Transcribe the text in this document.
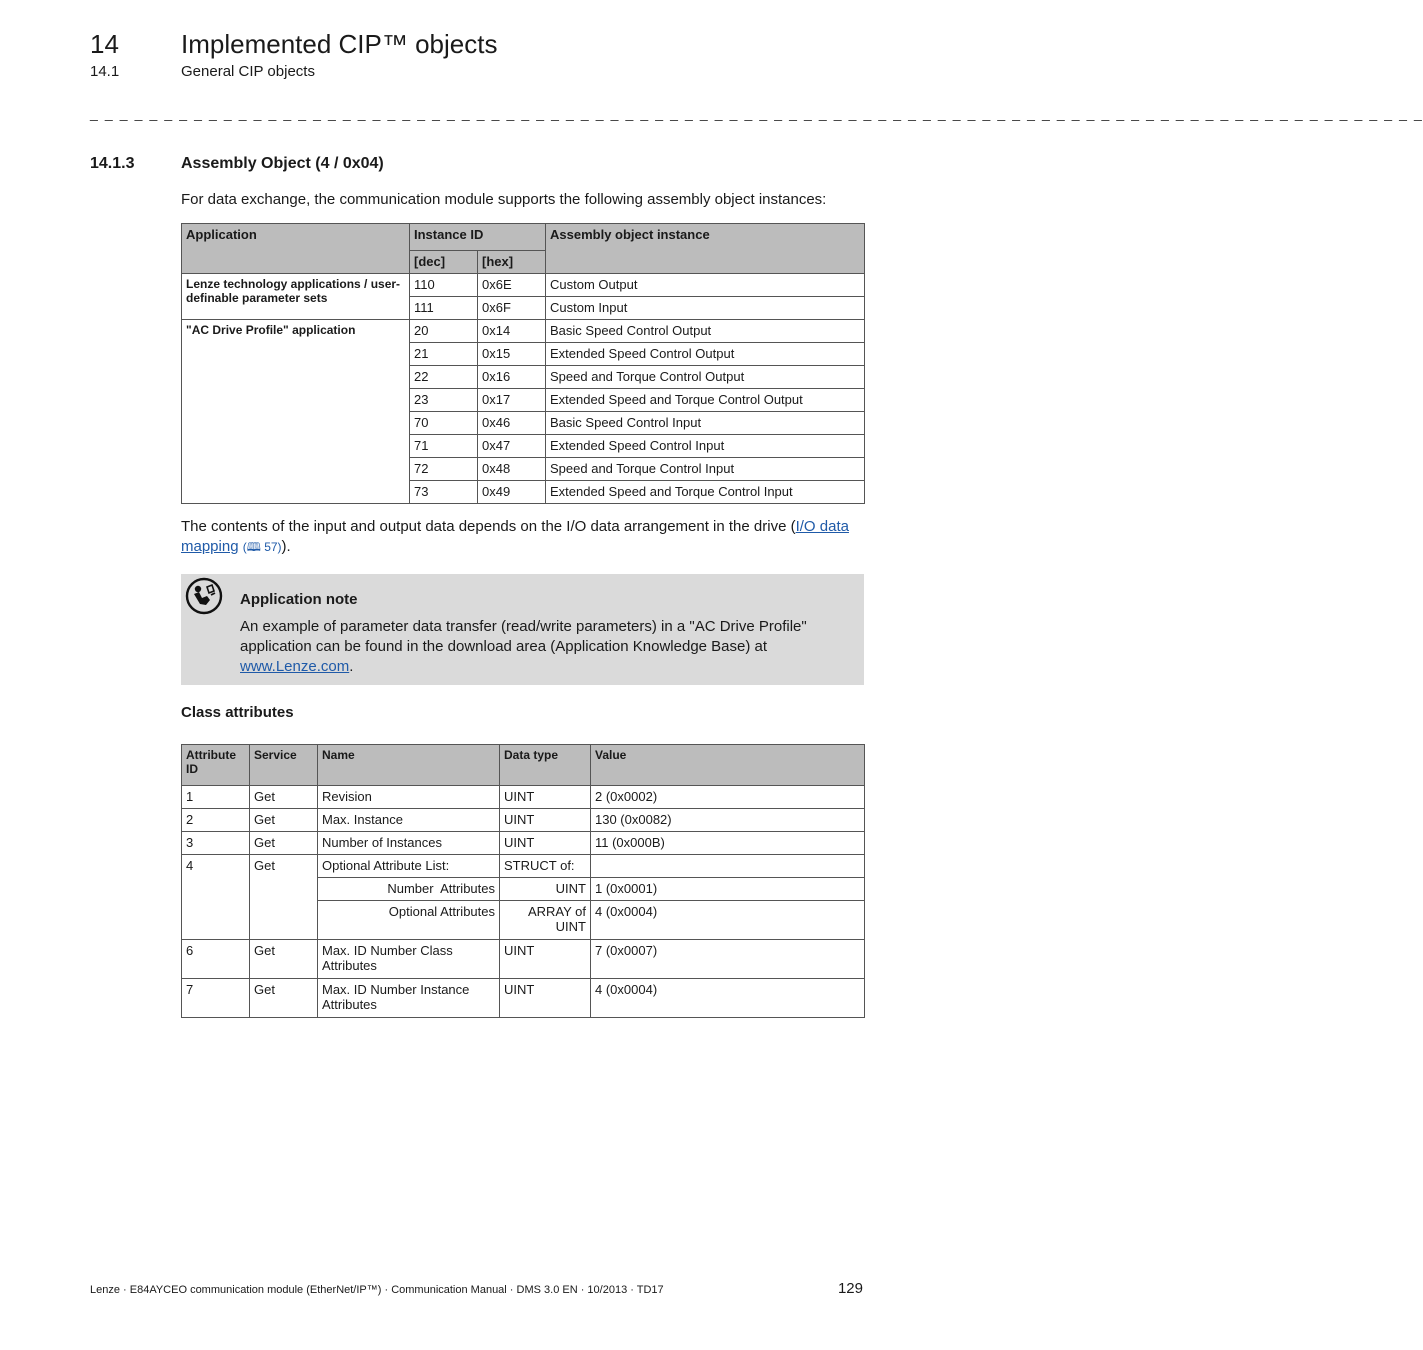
14 Implemented CIP™ objects
14.1	General CIP objects
_ _ _ _ _ _ _ _ _ _ _ _ _ _ _ _ _ _ _ _ _ _ _ _ _ _ _ _ _ _ _ _ _ _ _ _ _ _ _ _ _ _ _ _ _ _ _ _ _ _ _ _ _ _ _ _ _ _ _ _ _ _ _ _ _ _ _ _ _ _ _ _ _ _ _ _ _ _ _ _ _ _ _ _ _ _ _ _ _ _
14.1.3	Assembly Object (4 / 0x04)
For data exchange, the communication module supports the following assembly object instances:
Application	Instance ID		Assembly object instance
	[dec]	[hex]	
Lenze technology applications / user-definable parameter sets	110	0x6E	Custom Output
	111	0x6F	Custom Input
"AC Drive Profile" application	20	0x14	Basic Speed Control Output
	21	0x15	Extended Speed Control Output
	22	0x16	Speed and Torque Control Output
	23	0x17	Extended Speed and Torque Control Output
	70	0x46	Basic Speed Control Input
	71	0x47	Extended Speed Control Input
	72	0x48	Speed and Torque Control Input
	73	0x49	Extended Speed and Torque Control Input
The contents of the input and output data depends on the I/O data arrangement in the drive (I/O data mapping (🕮 57)).
Application note
An example of parameter data transfer (read/write parameters) in a "AC Drive Profile" application can be found in the download area (Application Knowledge Base) at www.Lenze.com.
Class attributes
Attribute ID	Service	Name	Data type	Value
1	Get	Revision	UINT	2 (0x0002)
2	Get	Max. Instance	UINT	130 (0x0082)
3	Get	Number of Instances	UINT	11 (0x000B)
4	Get	Optional Attribute List:	STRUCT of:	
		Number  Attributes	UINT	1 (0x0001)
		Optional Attributes	ARRAY of UINT	4 (0x0004)
6	Get	Max. ID Number Class Attributes	UINT	7 (0x0007)
7	Get	Max. ID Number Instance Attributes	UINT	4 (0x0004)
Lenze · E84AYCEO communication module (EtherNet/IP™) · Communication Manual · DMS 3.0 EN · 10/2013 · TD17	129
